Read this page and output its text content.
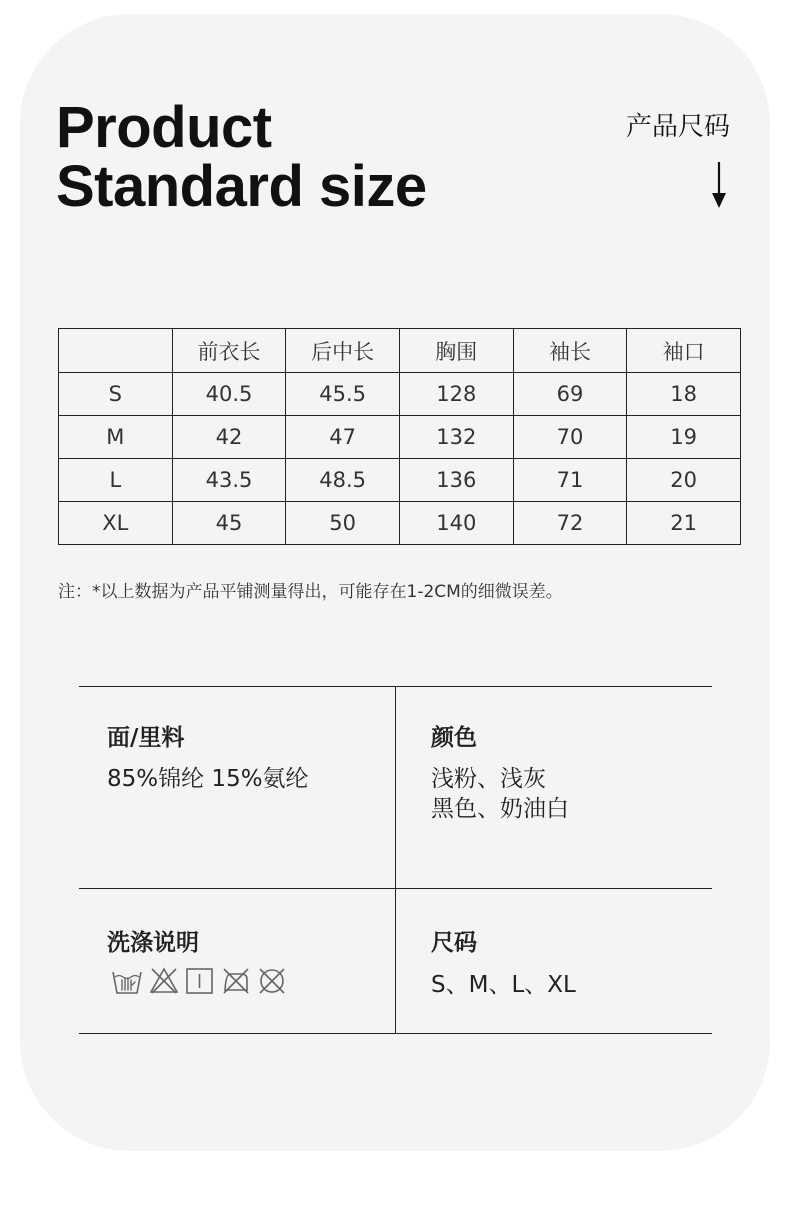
Product
Standard size
产品尺码
	前衣长	后中长	胸围	袖长	袖口
S	40.5	45.5	128	69	18
M	42	47	132	70	19
L	43.5	48.5	136	71	20
XL	45	50	140	72	21
注：*以上数据为产品平铺测量得出，可能存在1-2CM的细微误差。
面/里料
85%锦纶 15%氨纶
颜色
浅粉、浅灰
黑色、奶油白
洗涤说明	尺码
S、M、L、XL
